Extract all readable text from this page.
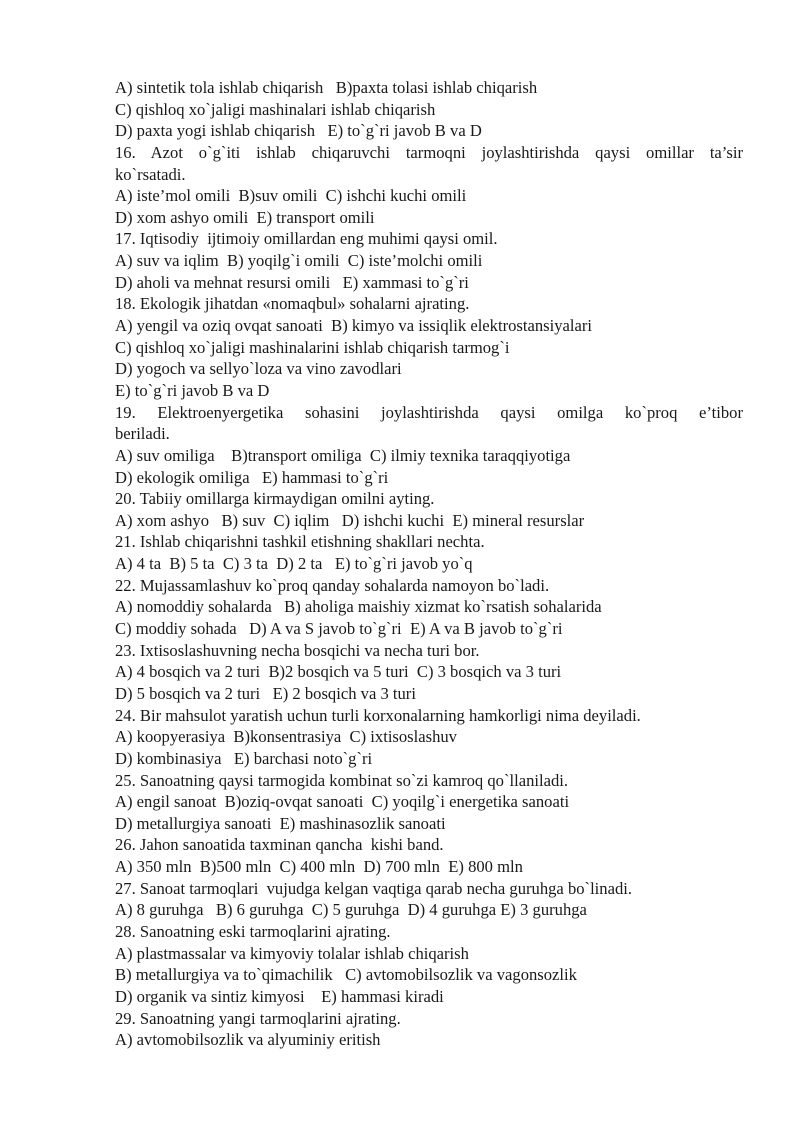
A) sintetik tola ishlab chiqarish   B)paxta tolasi ishlab chiqarish
C) qishloq xo`jaligi mashinalari ishlab chiqarish
D) paxta yogi ishlab chiqarish   E) to`g`ri javob B va D
16. Azot o`g`iti ishlab chiqaruvchi tarmoqni joylashtirishda qaysi omillar ta’sir
ko`rsatadi.
A) iste’mol omili  B)suv omili  C) ishchi kuchi omili
D) xom ashyo omili  E) transport omili
17. Iqtisodiy  ijtimoiy omillardan eng muhimi qaysi omil.
A) suv va iqlim  B) yoqilg`i omili  C) iste’molchi omili
D) aholi va mehnat resursi omili   E) xammasi to`g`ri
18. Ekologik jihatdan «nomaqbul» sohalarni ajrating.
A) yengil va oziq ovqat sanoati  B) kimyo va issiqlik elektrostansiyalari
C) qishloq xo`jaligi mashinalarini ishlab chiqarish tarmog`i
D) yogoch va sellyo`loza va vino zavodlari
E) to`g`ri javob B va D
19. Elektroenyergetika sohasini joylashtirishda qaysi omilga ko`proq e’tibor
beriladi.
A) suv omiliga    B)transport omiliga  C) ilmiy texnika taraqqiyotiga
D) ekologik omiliga   E) hammasi to`g`ri
20. Tabiiy omillarga kirmaydigan omilni ayting.
A) xom ashyo   B) suv  C) iqlim   D) ishchi kuchi  E) mineral resurslar
21. Ishlab chiqarishni tashkil etishning shakllari nechta.
A) 4 ta  B) 5 ta  C) 3 ta  D) 2 ta   E) to`g`ri javob yo`q
22. Mujassamlashuv ko`proq qanday sohalarda namoyon bo`ladi.
A) nomoddiy sohalarda   B) aholiga maishiy xizmat ko`rsatish sohalarida
C) moddiy sohada   D) A va S javob to`g`ri  E) A va B javob to`g`ri
23. Ixtisoslashuvning necha bosqichi va necha turi bor.
A) 4 bosqich va 2 turi  B)2 bosqich va 5 turi  C) 3 bosqich va 3 turi
D) 5 bosqich va 2 turi   E) 2 bosqich va 3 turi
24. Bir mahsulot yaratish uchun turli korxonalarning hamkorligi nima deyiladi.
A) koopyerasiya  B)konsentrasiya  C) ixtisoslashuv
D) kombinasiya   E) barchasi noto`g`ri
25. Sanoatning qaysi tarmogida kombinat so`zi kamroq qo`llaniladi.
A) engil sanoat  B)oziq-ovqat sanoati  C) yoqilg`i energetika sanoati
D) metallurgiya sanoati  E) mashinasozlik sanoati
26. Jahon sanoatida taxminan qancha  kishi band.
A) 350 mln  B)500 mln  C) 400 mln  D) 700 mln  E) 800 mln
27. Sanoat tarmoqlari  vujudga kelgan vaqtiga qarab necha guruhga bo`linadi.
A) 8 guruhga   B) 6 guruhga  C) 5 guruhga  D) 4 guruhga E) 3 guruhga
28. Sanoatning eski tarmoqlarini ajrating.
A) plastmassalar va kimyoviy tolalar ishlab chiqarish
B) metallurgiya va to`qimachilik   C) avtomobilsozlik va vagonsozlik
D) organik va sintiz kimyosi    E) hammasi kiradi
29. Sanoatning yangi tarmoqlarini ajrating.
A) avtomobilsozlik va alyuminiy eritish
